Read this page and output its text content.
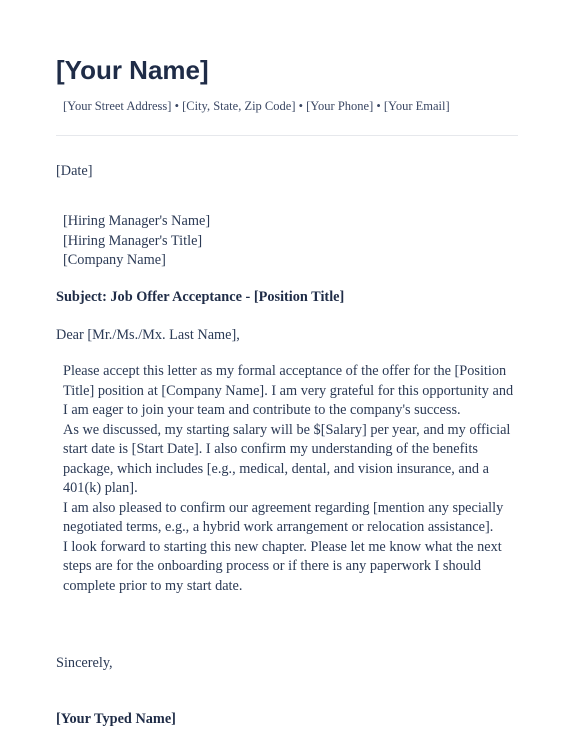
[Your Name]
[Your Street Address] • [City, State, Zip Code] • [Your Phone] • [Your Email]
[Date]
[Hiring Manager's Name]
[Hiring Manager's Title]
[Company Name]
Subject: Job Offer Acceptance - [Position Title]
Dear [Mr./Ms./Mx. Last Name],

Please accept this letter as my formal acceptance of the offer for the [Position Title] position at [Company Name]. I am very grateful for this opportunity and I am eager to join your team and contribute to the company's success.

As we discussed, my starting salary will be $[Salary] per year, and my official start date is [Start Date]. I also confirm my understanding of the benefits package, which includes [e.g., medical, dental, and vision insurance, and a 401(k) plan].

I am also pleased to confirm our agreement regarding [mention any specially negotiated terms, e.g., a hybrid work arrangement or relocation assistance].

I look forward to starting this new chapter. Please let me know what the next steps are for the onboarding process or if there is any paperwork I should complete prior to my start date.

Sincerely,
[Your Typed Name]
